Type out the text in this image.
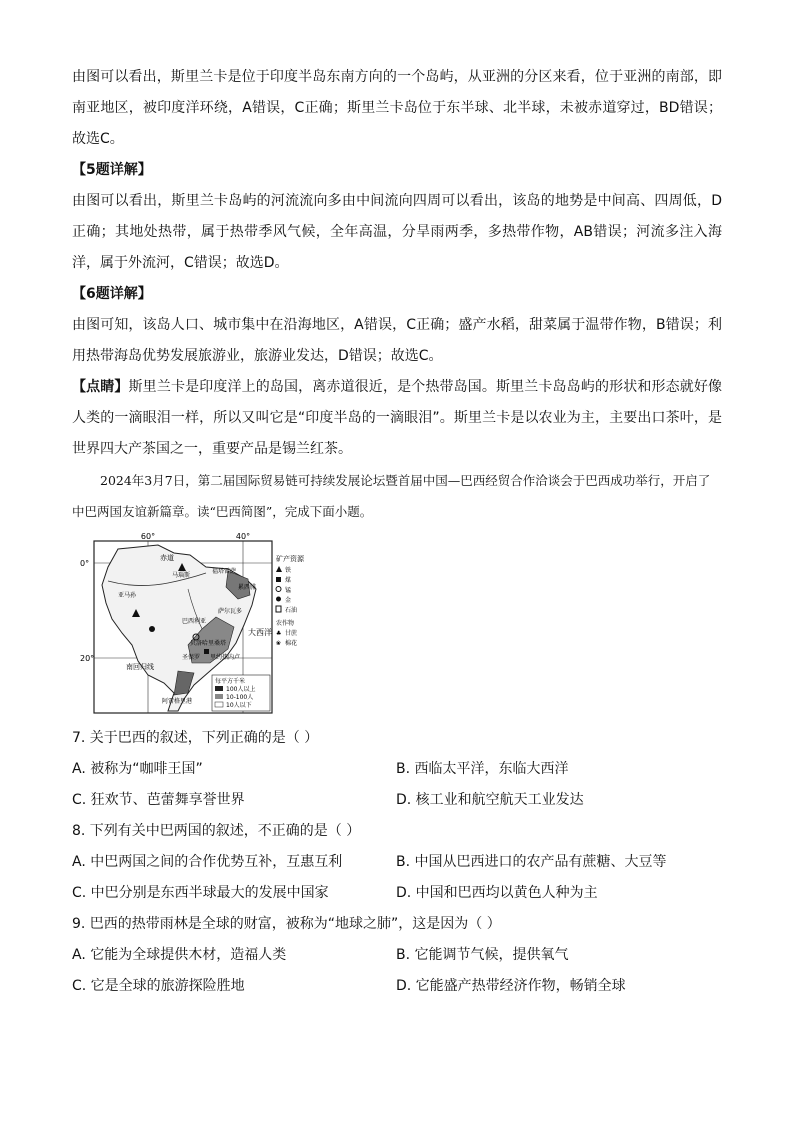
由图可以看出，斯里兰卡是位于印度半岛东南方向的一个岛屿，从亚洲的分区来看，位于亚洲的南部，即南亚地区，被印度洋环绕，A错误，C正确；斯里兰卡岛位于东半球、北半球，未被赤道穿过，BD错误；故选C。

【5题详解】

由图可以看出，斯里兰卡岛屿的河流流向多由中间流向四周可以看出，该岛的地势是中间高、四周低，D正确；其地处热带，属于热带季风气候，全年高温，分旱雨两季，多热带作物，AB错误；河流多注入海洋，属于外流河，C错误；故选D。

【6题详解】

由图可知，该岛人口、城市集中在沿海地区，A错误，C正确；盛产水稻，甜菜属于温带作物，B错误；利用热带海岛优势发展旅游业，旅游业发达，D错误；故选C。

【点睛】斯里兰卡是印度洋上的岛国，离赤道很近，是个热带岛国。斯里兰卡岛岛屿的形状和形态就好像人类的一滴眼泪一样，所以又叫它是“印度半岛的一滴眼泪”。斯里兰卡是以农业为主，主要出口茶叶，是世界四大产茶国之一，重要产品是锡兰红茶。

2024年3月7日，第二届国际贸易链可持续发展论坛暨首届中国—巴西经贸合作洽谈会于巴西成功举行，开启了中巴两国友谊新篇章。读“巴西简图”，完成下面小题。

60°	40°
0°
20°
赤道
南回归线
马瑙斯
巴西利亚
萨尔瓦多
里约热内卢
圣保罗
贝洛哈里桑塔
累西腓
福塔雷萨
阿雷格里港
亚马孙
大西洋
矿产资源
铁
煤
锰
金
石油
农作物
♣ 甘蔗
❀ 棉花
每平方千米
100人以上
10-100人
10人以下

7. 关于巴西的叙述，下列正确的是（ ）

A. 被称为“咖啡王国”	B. 西临太平洋，东临大西洋
C. 狂欢节、芭蕾舞享誉世界	D. 核工业和航空航天工业发达

8. 下列有关中巴两国的叙述，不正确的是（ ）

A. 中巴两国之间的合作优势互补，互惠互利	B. 中国从巴西进口的农产品有蔗糖、大豆等
C. 中巴分别是东西半球最大的发展中国家	D. 中国和巴西均以黄色人种为主

9. 巴西的热带雨林是全球的财富，被称为“地球之肺”，这是因为（ ）

A. 它能为全球提供木材，造福人类	B. 它能调节气候，提供氧气
C. 它是全球的旅游探险胜地	D. 它能盛产热带经济作物，畅销全球
